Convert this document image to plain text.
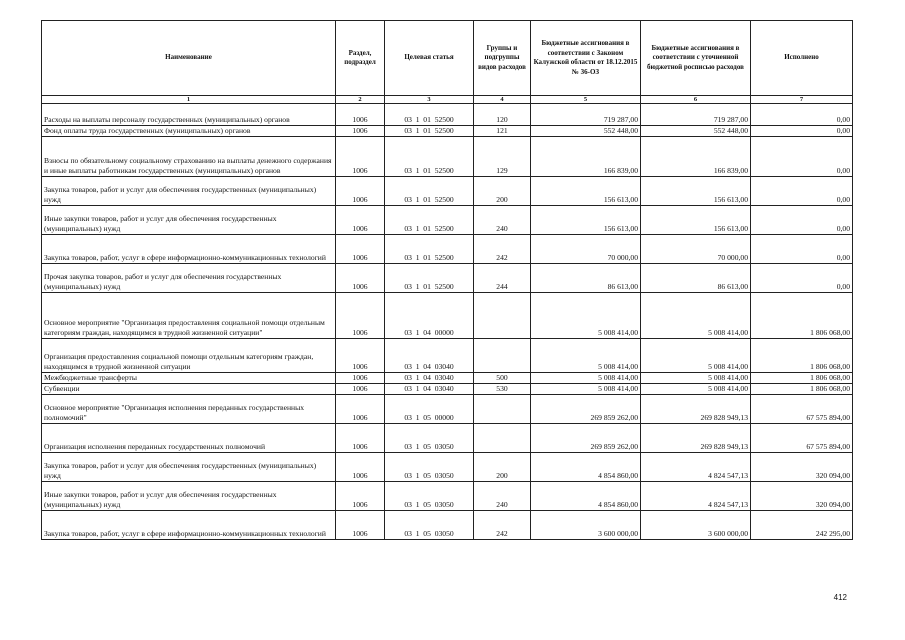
Наименование	Раздел, подраздел	Целевая статья	Группы и подгруппы видов расходов	Бюджетные ассигнования в соответствии с Законом Калужской области от 18.12.2015 № 36-ОЗ	Бюджетные ассигнования в соответствии с уточненной бюджетной росписью расходов	Исполнено
1	2	3	4	5	6	7
Расходы на выплаты персоналу государственных (муниципальных) органов	1006	03  1  01  52500	120	719 287,00	719 287,00	0,00
Фонд оплаты труда государственных (муниципальных) органов	1006	03  1  01  52500	121	552 448,00	552 448,00	0,00
Взносы по обязательному социальному страхованию на выплаты денежного содержания и иные выплаты работникам государственных (муниципальных) органов	1006	03  1  01  52500	129	166 839,00	166 839,00	0,00
Закупка товаров, работ и услуг для обеспечения государственных (муниципальных) нужд	1006	03  1  01  52500	200	156 613,00	156 613,00	0,00
Иные закупки товаров, работ и услуг для обеспечения государственных (муниципальных) нужд	1006	03  1  01  52500	240	156 613,00	156 613,00	0,00
Закупка товаров, работ, услуг в сфере информационно-коммуникационных технологий	1006	03  1  01  52500	242	70 000,00	70 000,00	0,00
Прочая закупка товаров, работ и услуг для обеспечения государственных (муниципальных) нужд	1006	03  1  01  52500	244	86 613,00	86 613,00	0,00
Основное мероприятие "Организация предоставления социальной помощи отдельным категориям граждан, находящимся в трудной жизненной ситуации"	1006	03  1  04  00000		5 008 414,00	5 008 414,00	1 806 068,00
Организация предоставления социальной помощи отдельным категориям граждан, находящимся в трудной жизненной ситуации	1006	03  1  04  03040		5 008 414,00	5 008 414,00	1 806 068,00
Межбюджетные трансферты	1006	03  1  04  03040	500	5 008 414,00	5 008 414,00	1 806 068,00
Субвенции	1006	03  1  04  03040	530	5 008 414,00	5 008 414,00	1 806 068,00
Основное мероприятие "Организация исполнения переданных государственных полномочий"	1006	03  1  05  00000		269 859 262,00	269 828 949,13	67 575 894,00
Организация исполнения переданных государственных полномочий	1006	03  1  05  03050		269 859 262,00	269 828 949,13	67 575 894,00
Закупка товаров, работ и услуг для обеспечения государственных (муниципальных) нужд	1006	03  1  05  03050	200	4 854 860,00	4 824 547,13	320 094,00
Иные закупки товаров, работ и услуг для обеспечения государственных (муниципальных) нужд	1006	03  1  05  03050	240	4 854 860,00	4 824 547,13	320 094,00
Закупка товаров, работ, услуг в сфере информационно-коммуникационных технологий	1006	03  1  05  03050	242	3 600 000,00	3 600 000,00	242 295,00
412
